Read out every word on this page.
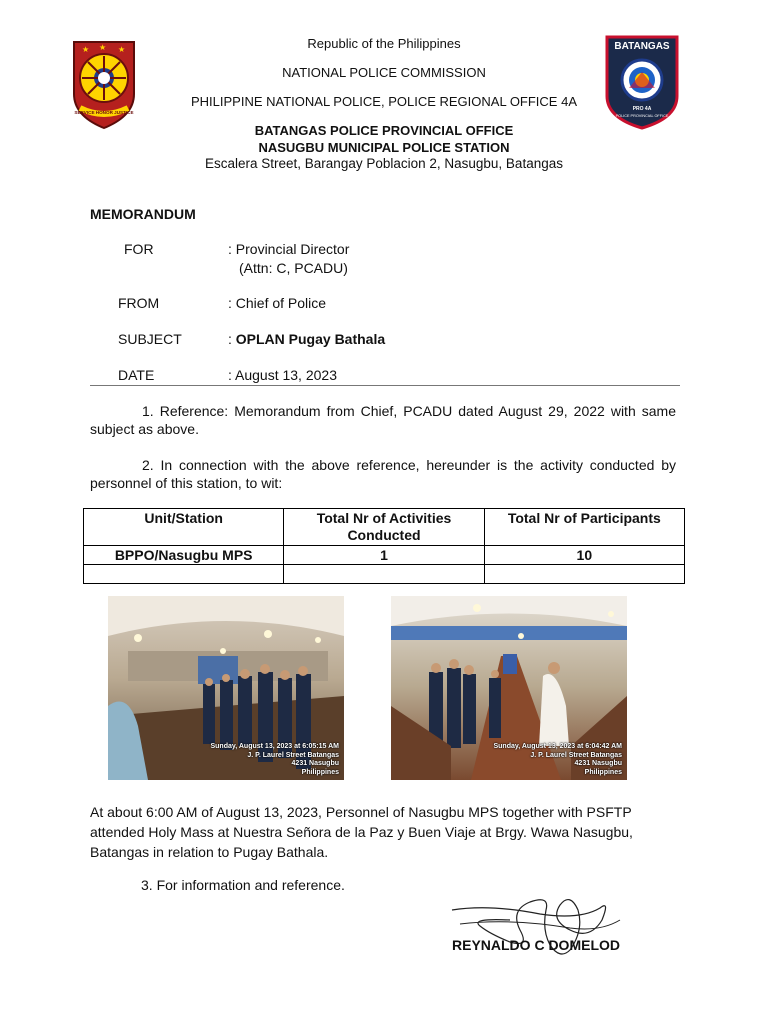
★ ★ ★
SERVICE HONOR JUSTICE
BATANGAS
PRO 4A
POLICE PROVINCIAL OFFICE
Republic of the Philippines
NATIONAL POLICE COMMISSION
PHILIPPINE NATIONAL POLICE, POLICE REGIONAL OFFICE 4A
BATANGAS POLICE PROVINCIAL OFFICE
NASUGBU MUNICIPAL POLICE STATION
Escalera Street, Barangay Poblacion 2, Nasugbu, Batangas
MEMORANDUM
FOR	: Provincial Director
(Attn: C, PCADU)
FROM	: Chief of Police
SUBJECT	: OPLAN Pugay Bathala
DATE	: August 13, 2023
1. Reference: Memorandum from Chief, PCADU dated August 29, 2022 with same subject as above.
2. In connection with the above reference, hereunder is the activity conducted by personnel of this station, to wit:
Unit/Station	Total Nr of Activities Conducted	Total Nr of Participants
BPPO/Nasugbu MPS	1	10

Sunday, August 13, 2023 at 6:05:15 AM
J. P. Laurel Street Batangas
4231 Nasugbu
Philippines
Sunday, August 13, 2023 at 6:04:42 AM
J. P. Laurel Street Batangas
4231 Nasugbu
Philippines
At about 6:00 AM of August 13, 2023, Personnel of Nasugbu MPS together with PSFTP attended Holy Mass at Nuestra Señora de la Paz y Buen Viaje at Brgy. Wawa Nasugbu, Batangas in relation to Pugay Bathala.
3. For information and reference.
REYNALDO C DOMELOD
